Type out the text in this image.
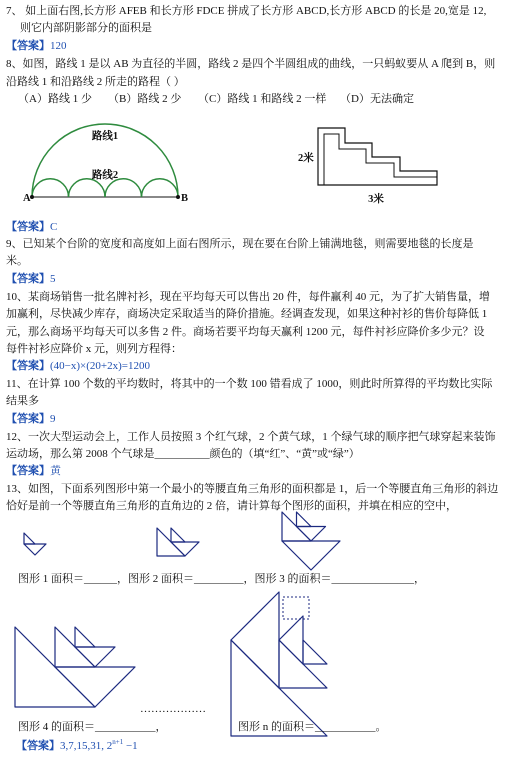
7、 如上面右图,长方形 AFEB 和长方形 FDCE 拼成了长方形 ABCD,长方形 ABCD 的长是 20,宽是 12,
则它内部阴影部分的面积是
【答案】120
8、如图，路线 1 是以 AB 为直径的半圆，路线 2 是四个半圆组成的曲线，一只蚂蚁要从 A 爬到 B，则
沿路线 1 和沿路线 2 所走的路程（ ）
（A）路线 1 少 （B）路线 2 少 （C）路线 1 和路线 2 一样 （D）无法确定
路线1
路线2
A	B
2米
3米
【答案】C
9、已知某个台阶的宽度和高度如上面右图所示，现在要在台阶上铺满地毯，则需要地毯的长度是
米。
【答案】5
10、某商场销售一批名牌衬衫，现在平均每天可以售出 20 件，每件赢利 40 元，为了扩大销售量，增
加赢利，尽快减少库存，商场决定采取适当的降价措施。经调查发现，如果这种衬衫的售价每降低 1
元，那么商场平均每天可以多售 2 件。商场若要平均每天赢利 1200 元，每件衬衫应降价多少元？设
每件衬衫应降价 x 元，则列方程得：
【答案】(40−x)×(20+2x)=1200
11、在计算 100 个数的平均数时，将其中的一个数 100 错看成了 1000，则此时所算得的平均数比实际
结果多
【答案】9
12、一次大型运动会上，工作人员按照 3 个红气球，2 个黄气球，1 个绿气球的顺序把气球穿起来装饰
运动场，那么第 2008 个气球是__________颜色的（填“红”、“黄”或“绿”）
【答案】黄
13、如图，下面系列图形中第一个最小的等腰直角三角形的面积都是 1，后一个等腰直角三角形的斜边
恰好是前一个等腰直角三角形的直角边的 2 倍，请计算每个图形的面积，并填在相应的空中，
图形 1 面积＝______，图形 2 面积＝_________，图形 3 的面积＝_______________，
………………
图形 4 的面积＝___________，	图形 n 的面积＝___________。
【答案】3,7,15,31, $2^{n+1} -1$
